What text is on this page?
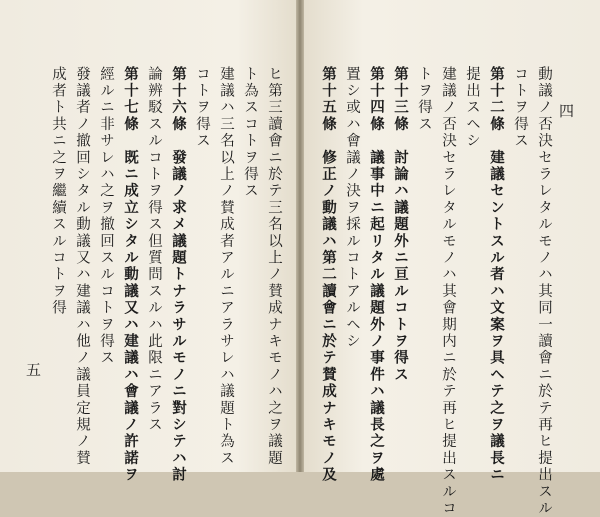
ヒ第三讀會ニ於テ三名以上ノ賛成ナキモノハ之ヲ議題
ト為スコトヲ得ス
建議ハ三名以上ノ賛成者アルニアラサレハ議題ト為ス
コトヲ得ス
第十六條　發議ノ求メ議題トナラサルモノニ對シテハ討
論辨駁スルコトヲ得ス但質問スルハ此限ニアラス
第十七條　既ニ成立シタル動議又ハ建議ハ會議ノ許諾ヲ
經ルニ非サレハ之ヲ撤回スルコトヲ得ス
發議者ノ撤回シタル動議又ハ建議ハ他ノ議員定規ノ賛
成者ト共ニ之ヲ繼續スルコトヲ得
五	動議ノ否決セラレタルモノハ其同一讀會ニ於テ再ヒ提出スル
コトヲ得ス
第十二條　建議セントスル者ハ文案ヲ具ヘテ之ヲ議長ニ
提出スヘシ
建議ノ否決セラレタルモノハ其會期内ニ於テ再ヒ提出スルコ
トヲ得ス
第十三條　討論ハ議題外ニ亘ルコトヲ得ス
第十四條　議事中ニ起リタル議題外ノ事件ハ議長之ヲ處
置シ或ハ會議ノ決ヲ採ルコトアルヘシ
第十五條　修正ノ動議ハ第二讀會ニ於テ賛成ナキモノ及	四
